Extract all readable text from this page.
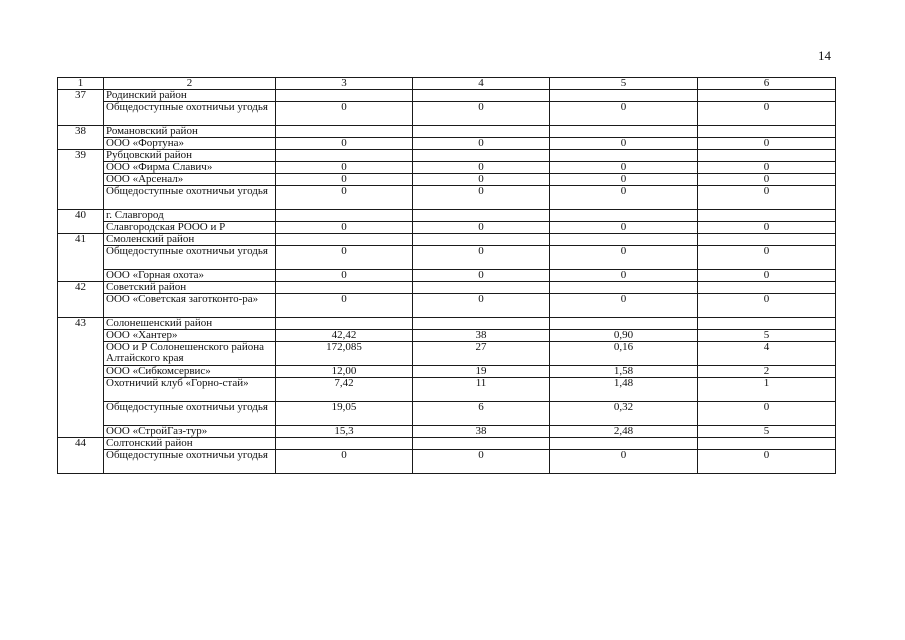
14
1	2	3	4	5	6
37	Родинский район				
	Общедоступные охотничьи угодья	0	0	0	0
38	Романовский район				
	ООО «Фортуна»	0	0	0	0
39	Рубцовский район				
	ООО «Фирма Славич»	0	0	0	0
	ООО «Арсенал»	0	0	0	0
	Общедоступные охотничьи угодья	0	0	0	0
40	г. Славгород				
	Славгородская РООО и Р	0	0	0	0
41	Смоленский район				
	Общедоступные охотничьи угодья	0	0	0	0
	ООО «Горная охота»	0	0	0	0
42	Советский район				
	ООО «Советская заготконто-ра»	0	0	0	0
43	Солонешенский район				
	ООО «Хантер»	42,42	38	0,90	5
	ООО и Р Солонешенского района Алтайского края	172,085	27	0,16	4
	ООО «Сибкомсервис»	12,00	19	1,58	2
	Охотничий клуб «Горно-стай»	7,42	11	1,48	1
	Общедоступные охотничьи угодья	19,05	6	0,32	0
	ООО «СтройГаз-тур»	15,3	38	2,48	5
44	Солтонский район				
	Общедоступные охотничьи угодья	0	0	0	0
